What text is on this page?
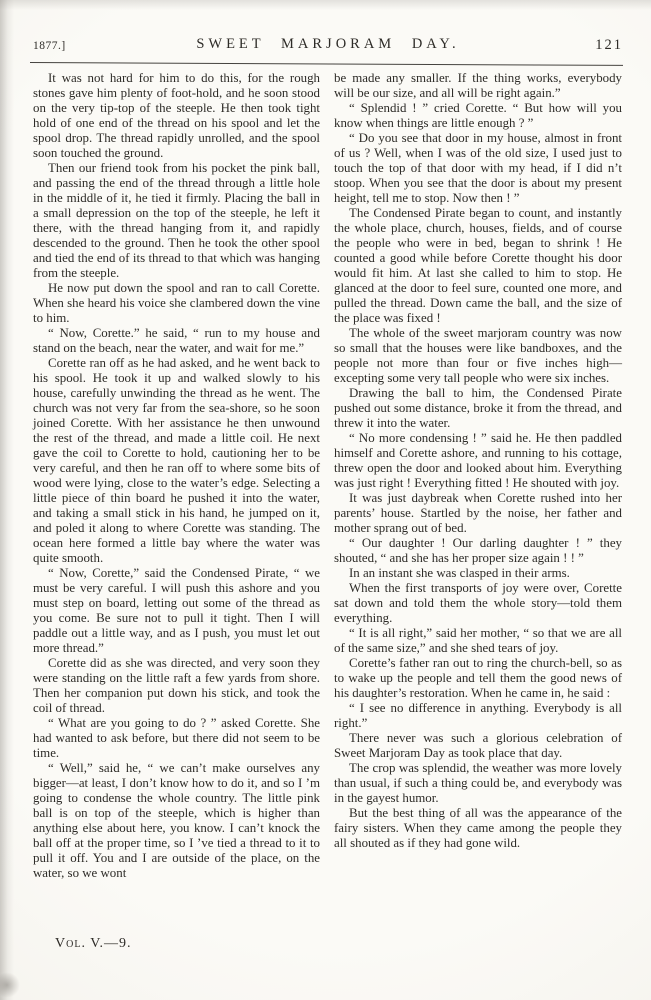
1877.]	SWEET MARJORAM DAY.	121

It was not hard for him to do this, for the rough stones gave him plenty of foot-hold, and he soon stood on the very tip-top of the steeple. He then took tight hold of one end of the thread on his spool and let the spool drop. The thread rapidly unrolled, and the spool soon touched the ground.

Then our friend took from his pocket the pink ball, and passing the end of the thread through a little hole in the middle of it, he tied it firmly. Placing the ball in a small depression on the top of the steeple, he left it there, with the thread hanging from it, and rapidly descended to the ground. Then he took the other spool and tied the end of its thread to that which was hanging from the steeple.

He now put down the spool and ran to call Corette. When she heard his voice she clambered down the vine to him.

“ Now, Corette.” he said, “ run to my house and stand on the beach, near the water, and wait for me.”

Corette ran off as he had asked, and he went back to his spool. He took it up and walked slowly to his house, carefully unwinding the thread as he went. The church was not very far from the sea-shore, so he soon joined Corette. With her assistance he then unwound the rest of the thread, and made a little coil. He next gave the coil to Corette to hold, cautioning her to be very careful, and then he ran off to where some bits of wood were lying, close to the water’s edge. Selecting a little piece of thin board he pushed it into the water, and taking a small stick in his hand, he jumped on it, and poled it along to where Corette was standing. The ocean here formed a little bay where the water was quite smooth.

“ Now, Corette,” said the Condensed Pirate, “ we must be very careful. I will push this ashore and you must step on board, letting out some of the thread as you come. Be sure not to pull it tight. Then I will paddle out a little way, and as I push, you must let out more thread.”

Corette did as she was directed, and very soon they were standing on the little raft a few yards from shore. Then her companion put down his stick, and took the coil of thread.

“ What are you going to do ? ” asked Corette. She had wanted to ask before, but there did not seem to be time.

“ Well,” said he, “ we can’t make ourselves any bigger—at least, I don’t know how to do it, and so I ’m going to condense the whole country. The little pink ball is on top of the steeple, which is higher than anything else about here, you know. I can’t knock the ball off at the proper time, so I ’ve tied a thread to it to pull it off. You and I are outside of the place, on the water, so we wont

be made any smaller. If the thing works, everybody will be our size, and all will be right again.”

“ Splendid ! ” cried Corette. “ But how will you know when things are little enough ? ”

“ Do you see that door in my house, almost in front of us ? Well, when I was of the old size, I used just to touch the top of that door with my head, if I did n’t stoop. When you see that the door is about my present height, tell me to stop. Now then ! ”

The Condensed Pirate began to count, and instantly the whole place, church, houses, fields, and of course the people who were in bed, began to shrink ! He counted a good while before Corette thought his door would fit him. At last she called to him to stop. He glanced at the door to feel sure, counted one more, and pulled the thread. Down came the ball, and the size of the place was fixed !

The whole of the sweet marjoram country was now so small that the houses were like bandboxes, and the people not more than four or five inches high—excepting some very tall people who were six inches.

Drawing the ball to him, the Condensed Pirate pushed out some distance, broke it from the thread, and threw it into the water.

“ No more condensing ! ” said he. He then paddled himself and Corette ashore, and running to his cottage, threw open the door and looked about him. Everything was just right ! Everything fitted ! He shouted with joy.

It was just daybreak when Corette rushed into her parents’ house. Startled by the noise, her father and mother sprang out of bed.

“ Our daughter ! Our darling daughter ! ” they shouted, “ and she has her proper size again ! ! ”

In an instant she was clasped in their arms.

When the first transports of joy were over, Corette sat down and told them the whole story—told them everything.

“ It is all right,” said her mother, “ so that we are all of the same size,” and she shed tears of joy.

Corette’s father ran out to ring the church-bell, so as to wake up the people and tell them the good news of his daughter’s restoration. When he came in, he said :

“ I see no difference in anything. Everybody is all right.”

There never was such a glorious celebration of Sweet Marjoram Day as took place that day.

The crop was splendid, the weather was more lovely than usual, if such a thing could be, and everybody was in the gayest humor.

But the best thing of all was the appearance of the fairy sisters. When they came among the people they all shouted as if they had gone wild.

Vol. V.—9.
